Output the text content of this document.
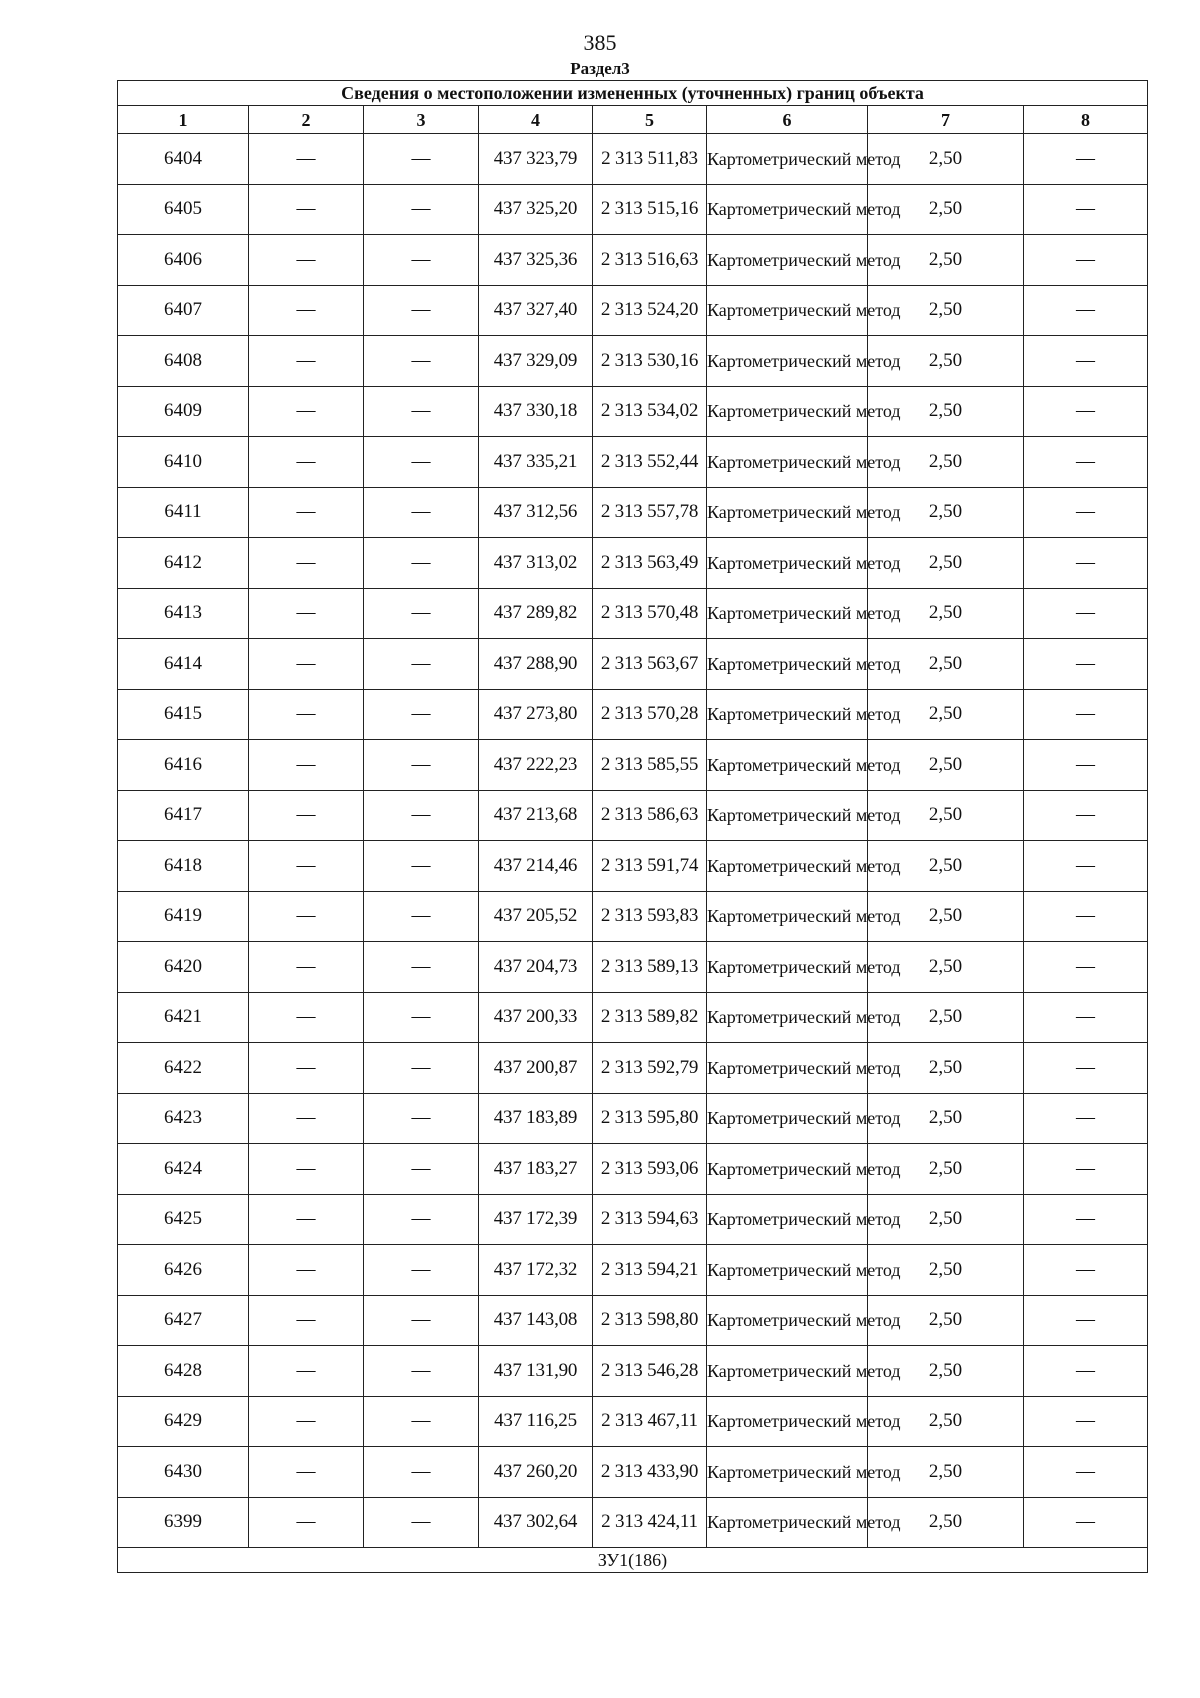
385
Раздел3
Сведения о местоположении измененных (уточненных) границ объекта							
1	2	3	4	5	6	7	8
6404	—	—	437 323,79	2 313 511,83	Картометрический метод	2,50	—
6405	—	—	437 325,20	2 313 515,16	Картометрический метод	2,50	—
6406	—	—	437 325,36	2 313 516,63	Картометрический метод	2,50	—
6407	—	—	437 327,40	2 313 524,20	Картометрический метод	2,50	—
6408	—	—	437 329,09	2 313 530,16	Картометрический метод	2,50	—
6409	—	—	437 330,18	2 313 534,02	Картометрический метод	2,50	—
6410	—	—	437 335,21	2 313 552,44	Картометрический метод	2,50	—
6411	—	—	437 312,56	2 313 557,78	Картометрический метод	2,50	—
6412	—	—	437 313,02	2 313 563,49	Картометрический метод	2,50	—
6413	—	—	437 289,82	2 313 570,48	Картометрический метод	2,50	—
6414	—	—	437 288,90	2 313 563,67	Картометрический метод	2,50	—
6415	—	—	437 273,80	2 313 570,28	Картометрический метод	2,50	—
6416	—	—	437 222,23	2 313 585,55	Картометрический метод	2,50	—
6417	—	—	437 213,68	2 313 586,63	Картометрический метод	2,50	—
6418	—	—	437 214,46	2 313 591,74	Картометрический метод	2,50	—
6419	—	—	437 205,52	2 313 593,83	Картометрический метод	2,50	—
6420	—	—	437 204,73	2 313 589,13	Картометрический метод	2,50	—
6421	—	—	437 200,33	2 313 589,82	Картометрический метод	2,50	—
6422	—	—	437 200,87	2 313 592,79	Картометрический метод	2,50	—
6423	—	—	437 183,89	2 313 595,80	Картометрический метод	2,50	—
6424	—	—	437 183,27	2 313 593,06	Картометрический метод	2,50	—
6425	—	—	437 172,39	2 313 594,63	Картометрический метод	2,50	—
6426	—	—	437 172,32	2 313 594,21	Картометрический метод	2,50	—
6427	—	—	437 143,08	2 313 598,80	Картометрический метод	2,50	—
6428	—	—	437 131,90	2 313 546,28	Картометрический метод	2,50	—
6429	—	—	437 116,25	2 313 467,11	Картометрический метод	2,50	—
6430	—	—	437 260,20	2 313 433,90	Картометрический метод	2,50	—
6399	—	—	437 302,64	2 313 424,11	Картометрический метод	2,50	—
ЗУ1(186)							
